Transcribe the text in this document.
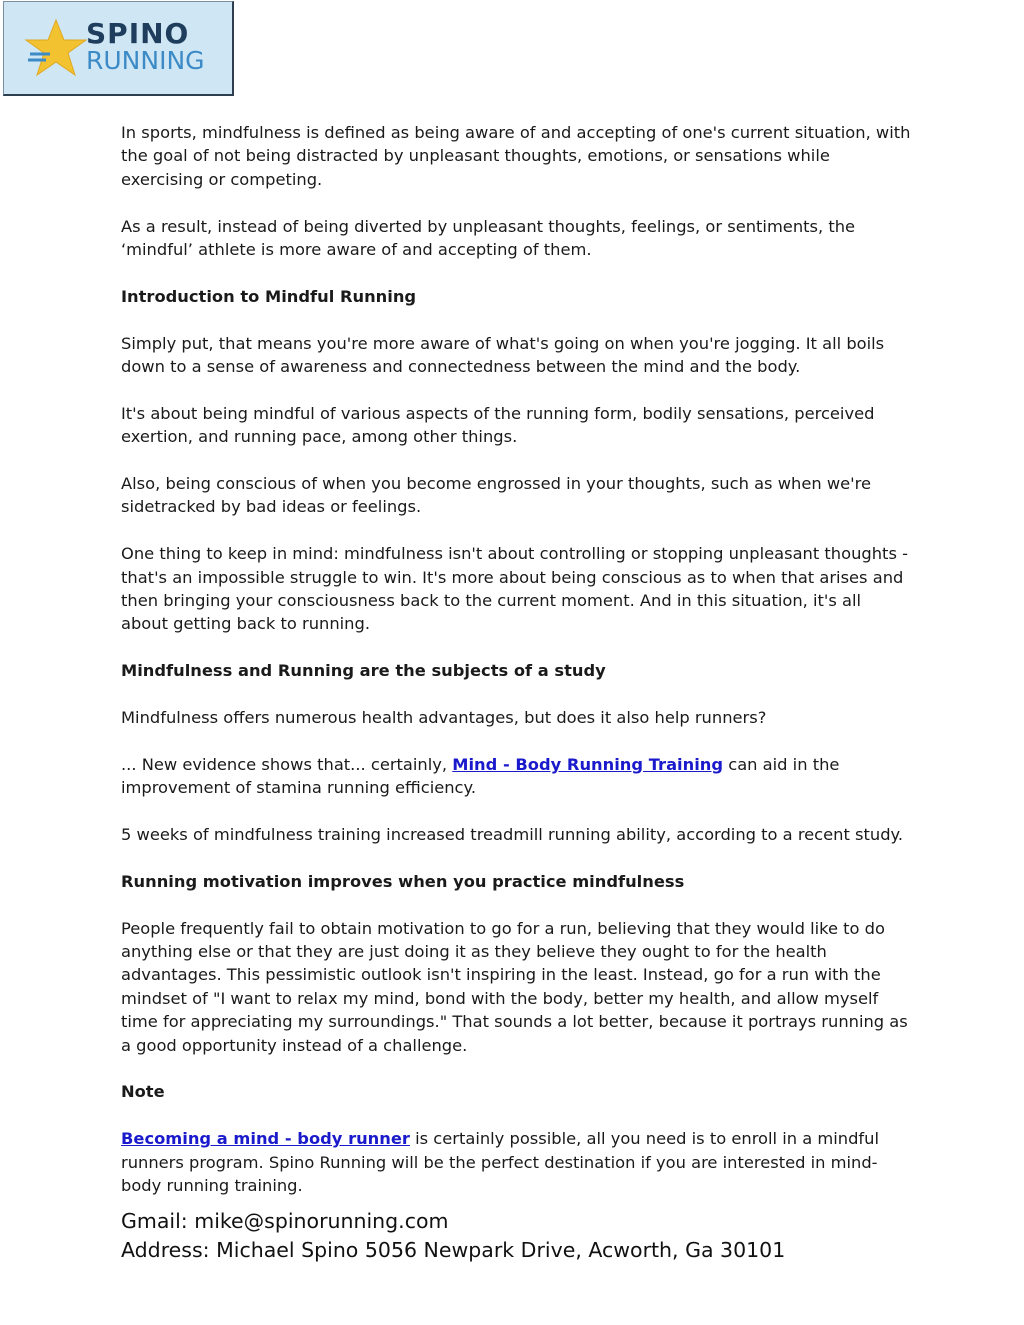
SPINO
RUNNING

In sports, mindfulness is defined as being aware of and accepting of one's current situation, with the goal of not being distracted by unpleasant thoughts, emotions, or sensations while exercising or competing.

As a result, instead of being diverted by unpleasant thoughts, feelings, or sentiments, the ‘mindful’ athlete is more aware of and accepting of them.

Introduction to Mindful Running

Simply put, that means you're more aware of what's going on when you're jogging. It all boils down to a sense of awareness and connectedness between the mind and the body.

It's about being mindful of various aspects of the running form, bodily sensations, perceived exertion, and running pace, among other things.

Also, being conscious of when you become engrossed in your thoughts, such as when we're sidetracked by bad ideas or feelings.

One thing to keep in mind: mindfulness isn't about controlling or stopping unpleasant thoughts - that's an impossible struggle to win. It's more about being conscious as to when that arises and then bringing your consciousness back to the current moment. And in this situation, it's all about getting back to running.

Mindfulness and Running are the subjects of a study

Mindfulness offers numerous health advantages, but does it also help runners?

... New evidence shows that... certainly, Mind - Body Running Training can aid in the improvement of stamina running efficiency.

5 weeks of mindfulness training increased treadmill running ability, according to a recent study.

Running motivation improves when you practice mindfulness

People frequently fail to obtain motivation to go for a run, believing that they would like to do anything else or that they are just doing it as they believe they ought to for the health advantages. This pessimistic outlook isn't inspiring in the least. Instead, go for a run with the mindset of "I want to relax my mind, bond with the body, better my health, and allow myself time for appreciating my surroundings." That sounds a lot better, because it portrays running as a good opportunity instead of a challenge.

Note

Becoming a mind - body runner is certainly possible, all you need is to enroll in a mindful runners program. Spino Running will be the perfect destination if you are interested in mind-body running training.

Gmail: mike@spinorunning.com
Address: Michael Spino 5056 Newpark Drive, Acworth, Ga 30101
